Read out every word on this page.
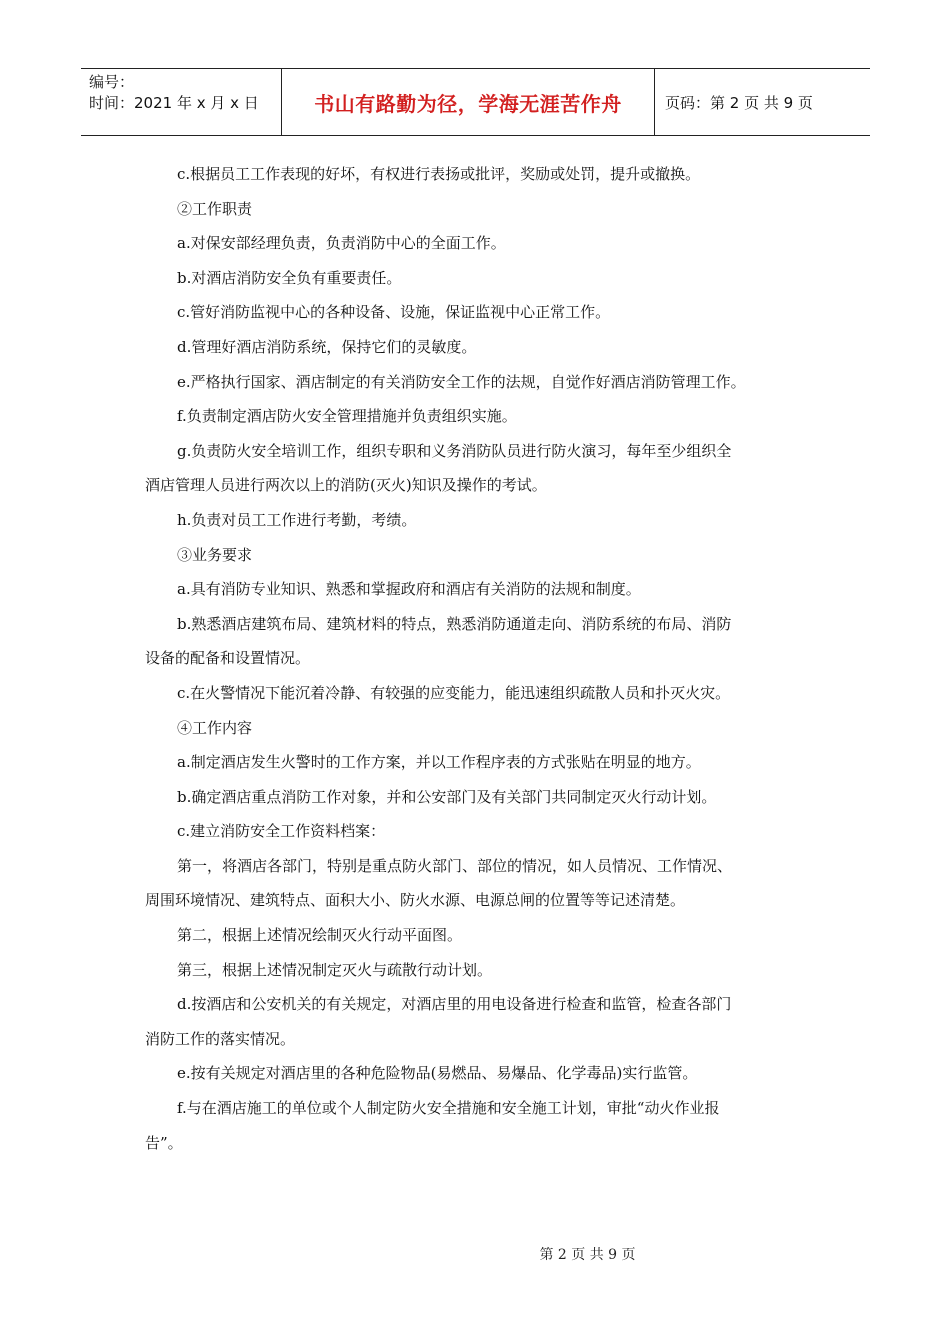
编号：
时间：2021 年 x 月 x 日	书山有路勤为径，学海无涯苦作舟	页码：第 2 页 共 9 页

c.根据员工工作表现的好坏，有权进行表扬或批评，奖励或处罚，提升或撤换。

②工作职责

a.对保安部经理负责，负责消防中心的全面工作。

b.对酒店消防安全负有重要责任。

c.管好消防监视中心的各种设备、设施，保证监视中心正常工作。

d.管理好酒店消防系统，保持它们的灵敏度。

e.严格执行国家、酒店制定的有关消防安全工作的法规，自觉作好酒店消防管理工作。

f.负责制定酒店防火安全管理措施并负责组织实施。

g.负责防火安全培训工作，组织专职和义务消防队员进行防火演习，每年至少组织全

酒店管理人员进行两次以上的消防(灭火)知识及操作的考试。

h.负责对员工工作进行考勤，考绩。

③业务要求

a.具有消防专业知识、熟悉和掌握政府和酒店有关消防的法规和制度。

b.熟悉酒店建筑布局、建筑材料的特点，熟悉消防通道走向、消防系统的布局、消防

设备的配备和设置情况。

c.在火警情况下能沉着冷静、有较强的应变能力，能迅速组织疏散人员和扑灭火灾。

④工作内容

a.制定酒店发生火警时的工作方案，并以工作程序表的方式张贴在明显的地方。

b.确定酒店重点消防工作对象，并和公安部门及有关部门共同制定灭火行动计划。

c.建立消防安全工作资料档案：

第一，将酒店各部门，特别是重点防火部门、部位的情况，如人员情况、工作情况、

周围环境情况、建筑特点、面积大小、防火水源、电源总闸的位置等等记述清楚。

第二，根据上述情况绘制灭火行动平面图。

第三，根据上述情况制定灭火与疏散行动计划。

d.按酒店和公安机关的有关规定，对酒店里的用电设备进行检查和监管，检查各部门

消防工作的落实情况。

e.按有关规定对酒店里的各种危险物品(易燃品、易爆品、化学毒品)实行监管。

f.与在酒店施工的单位或个人制定防火安全措施和安全施工计划，审批“动火作业报

告”。

第 2 页 共 9 页
